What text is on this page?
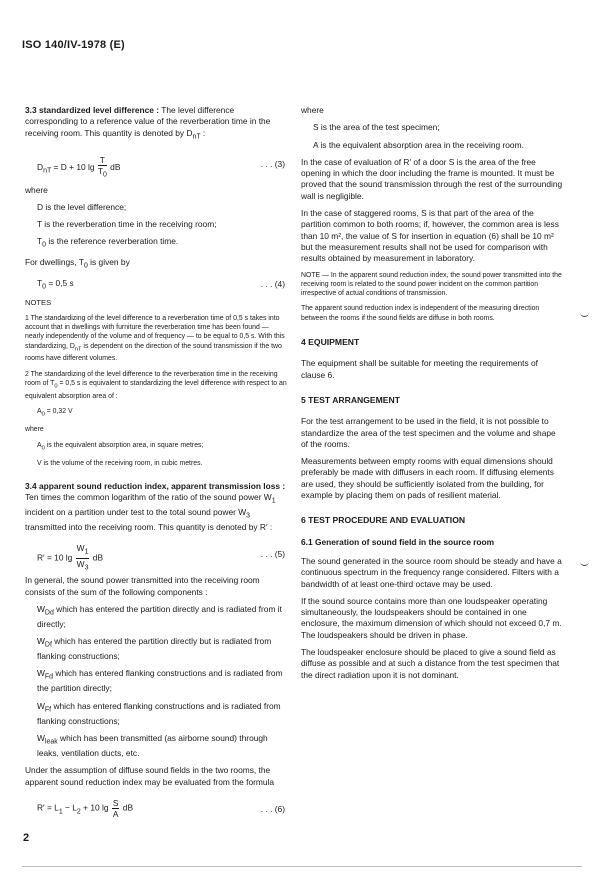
ISO 140/IV-1978 (E)

3.3 standardized level difference : The level difference corresponding to a reference value of the reverberation time in the receiving room. This quantity is denoted by $D_{nT}$ :

$D_{nT} = D + 10$ $\lg \frac{T}{T_0}$ dB	. . . (3)

where

D is the level difference;

T is the reverberation time in the receiving room;

$T_0$ is the reference reverberation time.

For dwellings, $T_0$ is given by

$T_0 = 0,5$ s	. . . (4)

NOTES

1 The standardizing of the level difference to a reverberation time of 0,5 s takes into account that in dwellings with furniture the reverberation time has been found — nearly independently of the volume and of frequency — to be equal to 0,5 s. With this standardizing, $D_{nT}$ is dependent on the direction of the sound transmission if the two rooms have different volumes.

2 The standardizing of the level difference to the reverberation time in the receiving room of $T_0 = 0,5$ s is equivalent to standardizing the level difference with respect to an equivalent absorption area of :

$A_0 = 0,32$ V

where

$A_0$ is the equivalent absorption area, in square metres;

V is the volume of the receiving room, in cubic metres.

3.4 apparent sound reduction index, apparent transmission loss : Ten times the common logarithm of the ratio of the sound power $W_1$ incident on a partition under test to the total sound power $W_3$ transmitted into the receiving room. This quantity is denoted by R′ :

R′ = 10 $\lg \frac{W_1}{W_3}$ dB	. . . (5)

In general, the sound power transmitted into the receiving room consists of the sum of the following components :

$W_{Dd}$ which has entered the partition directly and is radiated from it directly;

$W_{Df}$ which has entered the partition directly but is radiated from flanking constructions;

$W_{Fd}$ which has entered flanking constructions and is radiated from the partition directly;

$W_{Ff}$ which has entered flanking constructions and is radiated from flanking constructions;

$W_{leak}$ which has been transmitted (as airborne sound) through leaks, ventilation ducts, etc.

Under the assumption of diffuse sound fields in the two rooms, the apparent sound reduction index may be evaluated from the formula

$R' = L_1 - L_2 + 10$ $\lg \frac{S}{A}$ dB	. . . (6)

where

S is the area of the test specimen;

A is the equivalent absorption area in the receiving room.

In the case of evaluation of R′ of a door S is the area of the free opening in which the door including the frame is mounted. It must be proved that the sound transmission through the rest of the surrounding wall is negligible.

In the case of staggered rooms, S is that part of the area of the partition common to both rooms; if, however, the common area is less than 10 m², the value of S for insertion in equation (6) shall be 10 m² but the measurement results shall not be used for comparison with results obtained by measurement in laboratory.

NOTE — In the apparent sound reduction index, the sound power transmitted into the receiving room is related to the sound power incident on the common partition irrespective of actual conditions of transmission.

The apparent sound reduction index is independent of the measuring direction between the rooms if the sound fields are diffuse in both rooms.

4 EQUIPMENT

The equipment shall be suitable for meeting the requirements of clause 6.

5 TEST ARRANGEMENT

For the test arrangement to be used in the field, it is not possible to standardize the area of the test specimen and the volume and shape of the rooms.

Measurements between empty rooms with equal dimensions should preferably be made with diffusers in each room. If diffusing elements are used, they should be sufficiently isolated from the building, for example by placing them on pads of resilient material.

6 TEST PROCEDURE AND EVALUATION
6.1 Generation of sound field in the source room

The sound generated in the source room should be steady and have a continuous spectrum in the frequency range considered. Filters with a bandwidth of at least one-third octave may be used.

If the sound source contains more than one loudspeaker operating simultaneously, the loudspeakers should be contained in one enclosure, the maximum dimension of which should not exceed 0,7 m. The loudspeakers should be driven in phase.

The loudspeaker enclosure should be placed to give a sound field as diffuse as possible and at such a distance from the test specimen that the direct radiation upon it is not dominant.

2
